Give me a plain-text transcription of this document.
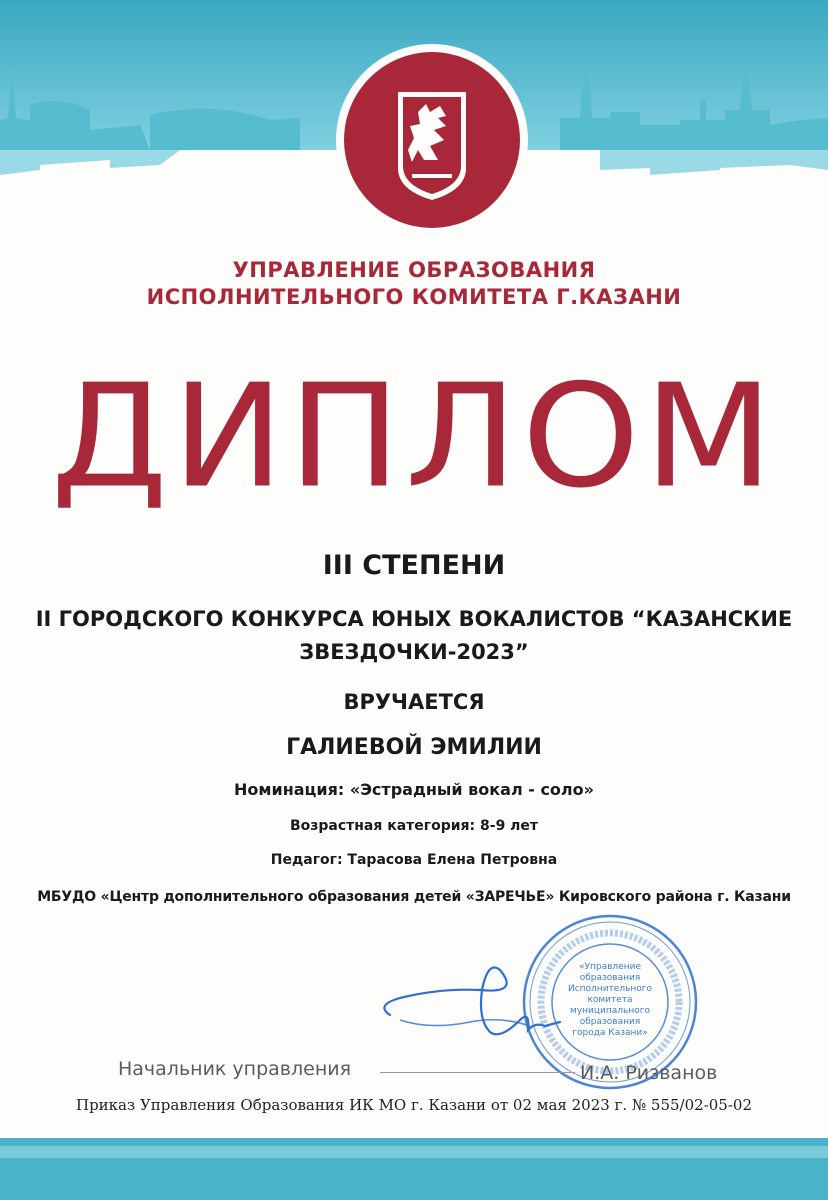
УПРАВЛЕНИЕ ОБРАЗОВАНИЯ
ИСПОЛНИТЕЛЬНОГО КОМИТЕТА Г.КАЗАНИ
ДИПЛОМ
III СТЕПЕНИ
II ГОРОДСКОГО КОНКУРСА ЮНЫХ ВОКАЛИСТОВ “КАЗАНСКИЕ
ЗВЕЗДОЧКИ-2023”
ВРУЧАЕТСЯ
ГАЛИЕВОЙ ЭМИЛИИ
Номинация: «Эстрадный вокал - соло»
Возрастная категория: 8-9 лет
Педагог: Тарасова Елена Петровна
МБУДО «Центр дополнительного образования детей «ЗАРЕЧЬЕ» Кировского района г. Казани
«Управление
образования
Исполнительного
комитета
муниципального
образования
города Казани»
Начальник управления	И.А. Ризванов
Приказ Управления Образования ИК МО г. Казани от 02 мая 2023 г. № 555/02-05-02
